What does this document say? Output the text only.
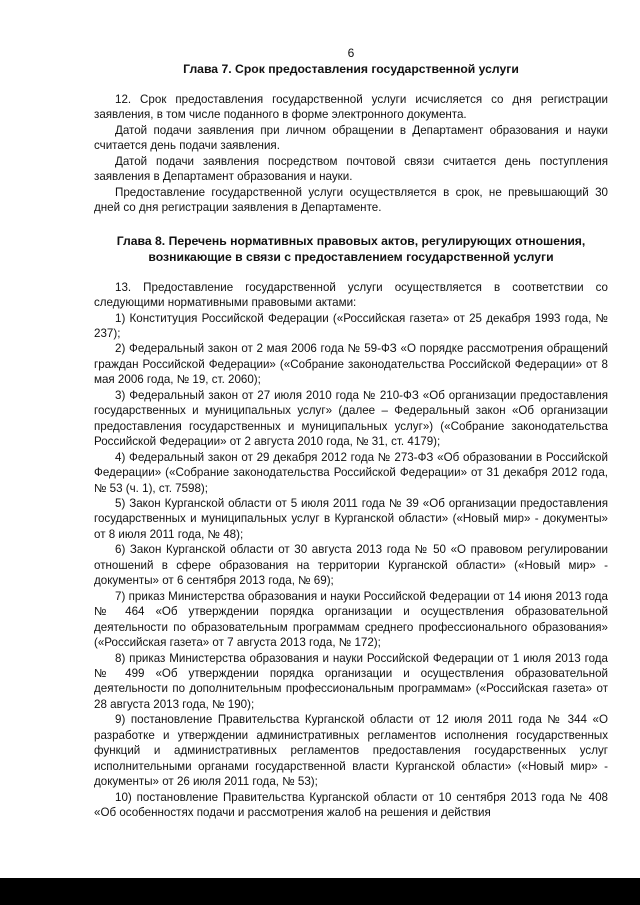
6
Глава 7. Срок предоставления государственной услуги

12. Срок предоставления государственной услуги исчисляется со дня регистрации заявления, в том числе поданного в форме электронного документа.

Датой подачи заявления при личном обращении в Департамент образования и науки считается день подачи заявления.

Датой подачи заявления посредством почтовой связи считается день поступления заявления в Департамент образования и науки.

Предоставление государственной услуги осуществляется в срок, не превышающий 30 дней со дня регистрации заявления в Департаменте.

Глава 8. Перечень нормативных правовых актов, регулирующих отношения, возникающие в связи с предоставлением государственной услуги

13. Предоставление государственной услуги осуществляется в соответствии со следующими нормативными правовыми актами:

1) Конституция Российской Федерации («Российская газета» от 25 декабря 1993 года, № 237);

2) Федеральный закон от 2 мая 2006 года № 59-ФЗ «О порядке рассмотрения обращений граждан Российской Федерации» («Собрание законодательства Российской Федерации» от 8 мая 2006 года, № 19, ст. 2060);

3) Федеральный закон от 27 июля 2010 года № 210-ФЗ «Об организации предоставления государственных и муниципальных услуг» (далее – Федеральный закон «Об организации предоставления государственных и муниципальных услуг») («Собрание законодательства Российской Федерации» от 2 августа 2010 года, № 31, ст. 4179);

4) Федеральный закон от 29 декабря 2012 года № 273-ФЗ «Об образовании в Российской Федерации» («Собрание законодательства Российской Федерации» от 31 декабря 2012 года, № 53 (ч. 1), ст. 7598);

5) Закон Курганской области от 5 июля 2011 года № 39 «Об организации предоставления государственных и муниципальных услуг в Курганской области» («Новый мир» - документы» от 8 июля 2011 года, № 48);

6) Закон Курганской области от 30 августа 2013 года № 50 «О правовом регулировании отношений в сфере образования на территории Курганской области» («Новый мир» - документы» от 6 сентября 2013 года, № 69);

7) приказ Министерства образования и науки Российской Федерации от 14 июня 2013 года № 464 «Об утверждении порядка организации и осуществления образовательной деятельности по образовательным программам среднего профессионального образования» («Российская газета» от 7 августа 2013 года, № 172);

8) приказ Министерства образования и науки Российской Федерации от 1 июля 2013 года № 499 «Об утверждении порядка организации и осуществления образовательной деятельности по дополнительным профессиональным программам» («Российская газета» от 28 августа 2013 года, № 190);

9) постановление Правительства Курганской области от 12 июля 2011 года № 344 «О разработке и утверждении административных регламентов исполнения государственных функций и административных регламентов предоставления государственных услуг исполнительными органами государственной власти Курганской области» («Новый мир» - документы» от 26 июля 2011 года, № 53);

10) постановление Правительства Курганской области от 10 сентября 2013 года № 408 «Об особенностях подачи и рассмотрения жалоб на решения и действия
